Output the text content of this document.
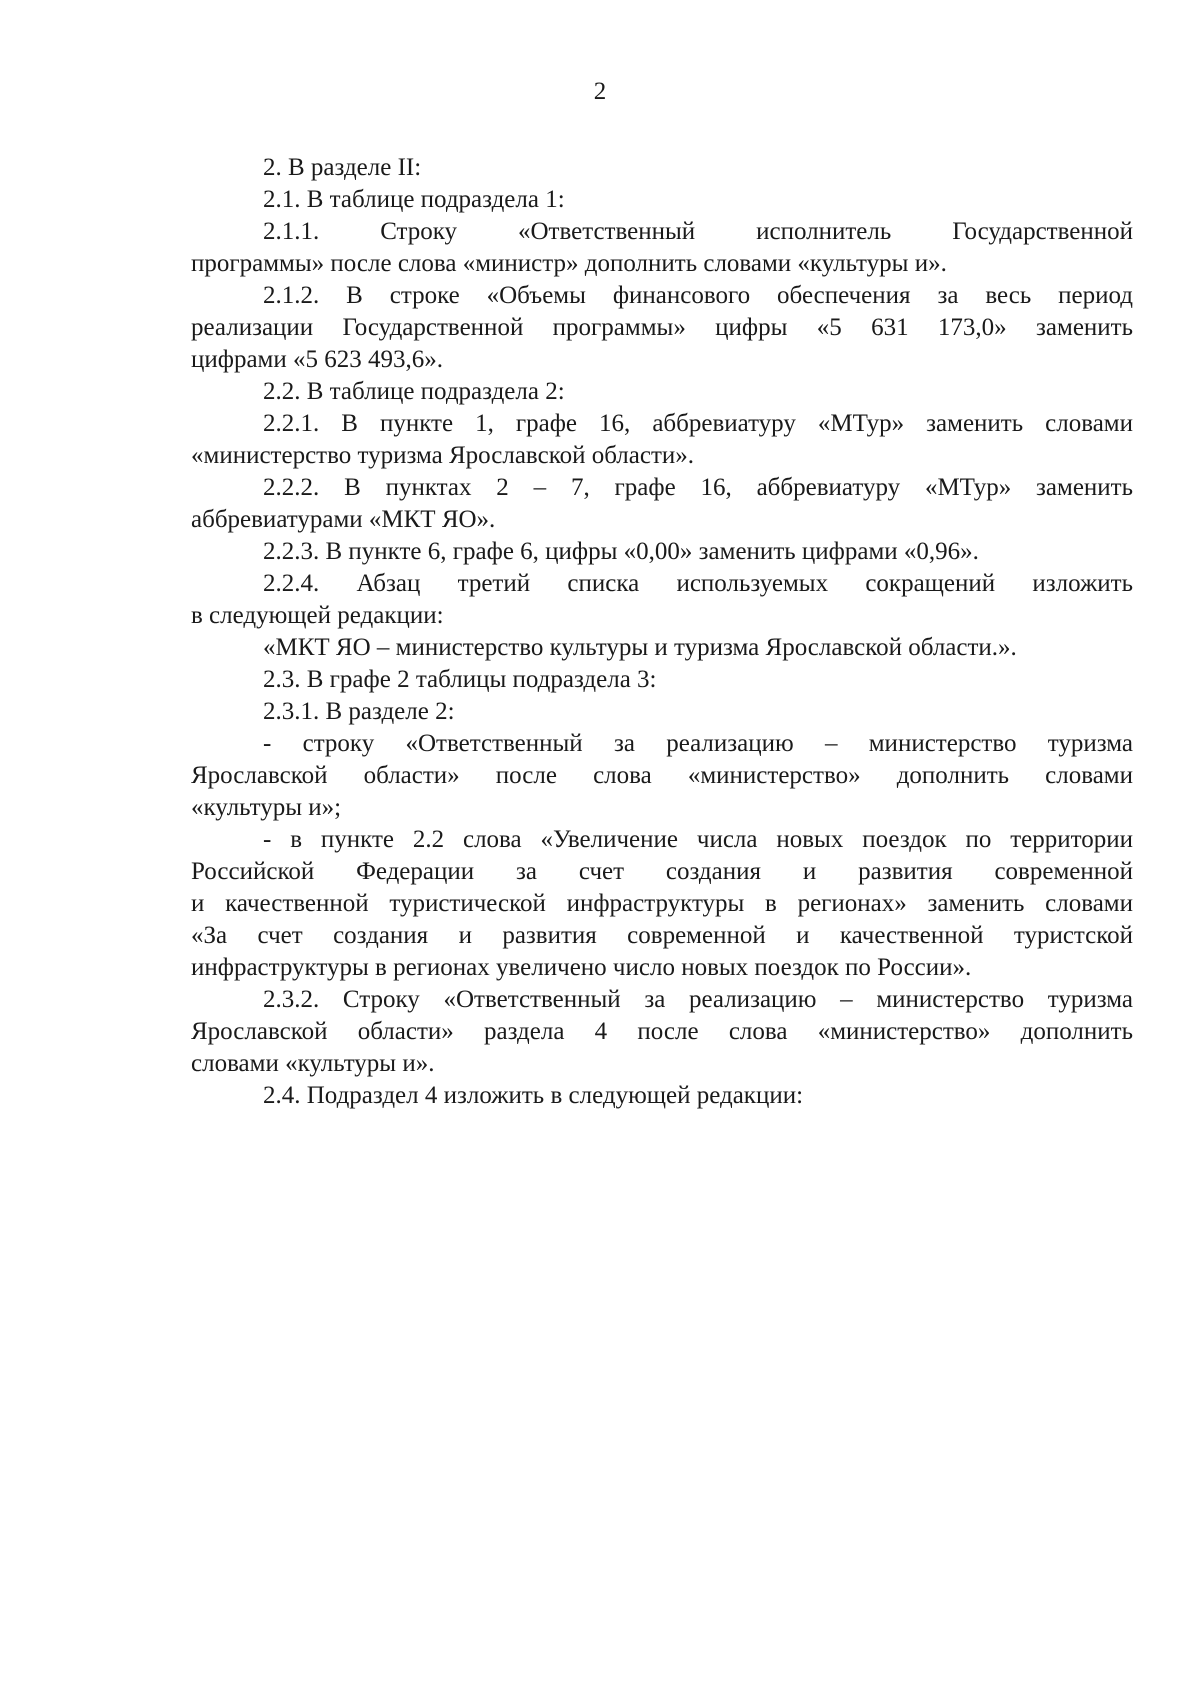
2
2. В разделе II:
2.1. В таблице подраздела 1:
2.1.1. Строку «Ответственный исполнитель Государственной
программы» после слова «министр» дополнить словами «культуры и».
2.1.2. В строке «Объемы финансового обеспечения за весь период
реализации Государственной программы» цифры «5 631 173,0» заменить
цифрами «5 623 493,6».
2.2. В таблице подраздела 2:
2.2.1. В пункте 1, графе 16, аббревиатуру «МТур» заменить словами
«министерство туризма Ярославской области».
2.2.2. В пунктах 2 – 7, графе 16, аббревиатуру «МТур» заменить
аббревиатурами «МКТ ЯО».
2.2.3. В пункте 6, графе 6, цифры «0,00» заменить цифрами «0,96».
2.2.4. Абзац третий списка используемых сокращений изложить
в следующей редакции:
«МКТ ЯО – министерство культуры и туризма Ярославской области.».
2.3. В графе 2 таблицы подраздела 3:
2.3.1. В разделе 2:
- строку «Ответственный за реализацию – министерство туризма
Ярославской области» после слова «министерство» дополнить словами
«культуры и»;
- в пункте 2.2 слова «Увеличение числа новых поездок по территории
Российской Федерации за счет создания и развития современной
и качественной туристической инфраструктуры в регионах» заменить словами
«За счет создания и развития современной и качественной туристской
инфраструктуры в регионах увеличено число новых поездок по России».
2.3.2. Строку «Ответственный за реализацию – министерство туризма
Ярославской области» раздела 4 после слова «министерство» дополнить
словами «культуры и».
2.4. Подраздел 4 изложить в следующей редакции:
